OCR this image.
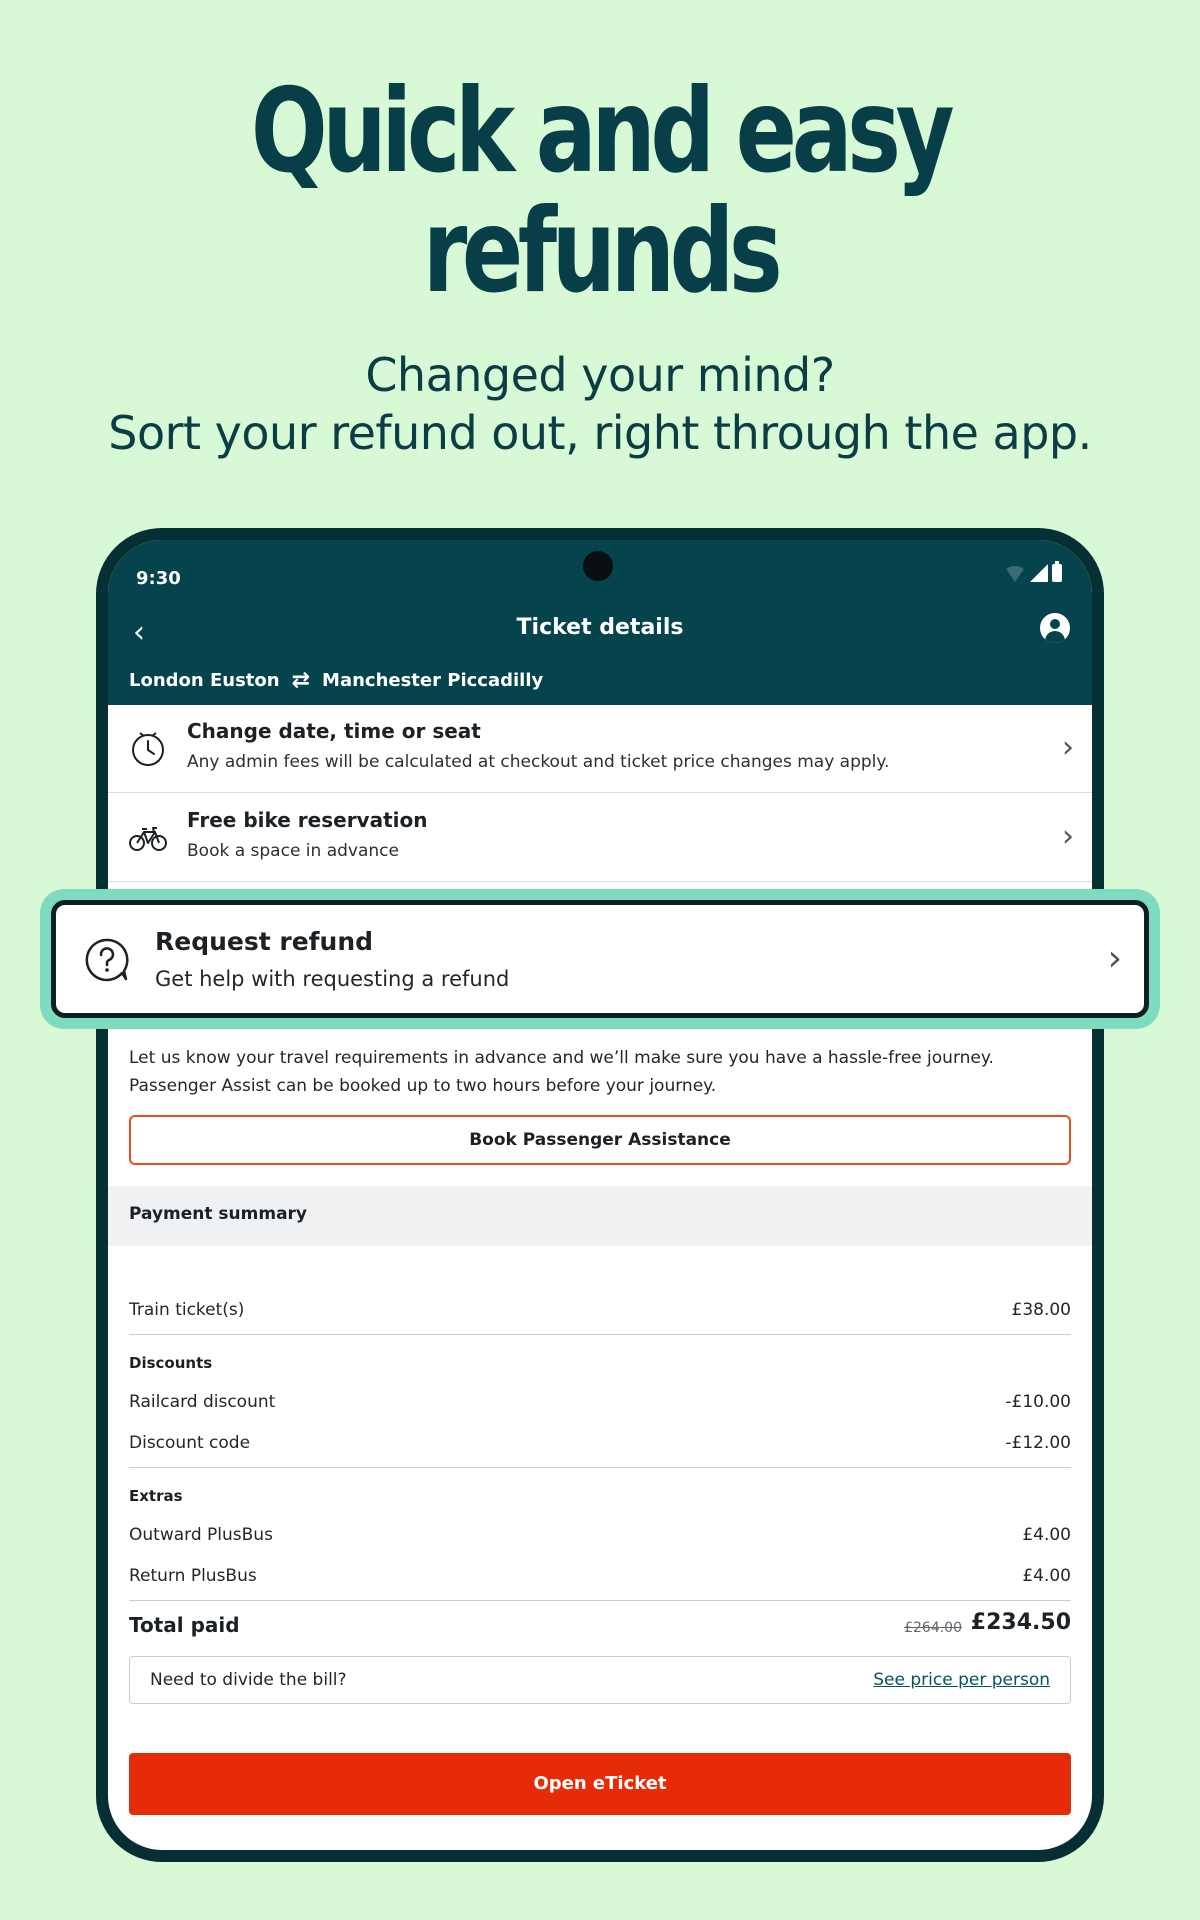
Quick and easy
refunds
Changed your mind?
Sort your refund out, right through the app.
9:30
‹	Ticket details
London Euston ⇄ Manchester Piccadilly
Change date, time or seat
Any admin fees will be calculated at checkout and ticket price changes may apply.	›
Free bike reservation
Book a space in advance	›
Let us know your travel requirements in advance and we’ll make sure you have a hassle-free journey. Passenger Assist can be booked up to two hours before your journey.
Book Passenger Assistance
Payment summary
Train ticket(s)	£38.00
Discounts
Railcard discount	-£10.00
Discount code	-£12.00
Extras
Outward PlusBus	£4.00
Return PlusBus	£4.00
Total paid	£264.00 £234.50
Need to divide the bill?	See price per person
Open eTicket
Request refund
Get help with requesting a refund	›
